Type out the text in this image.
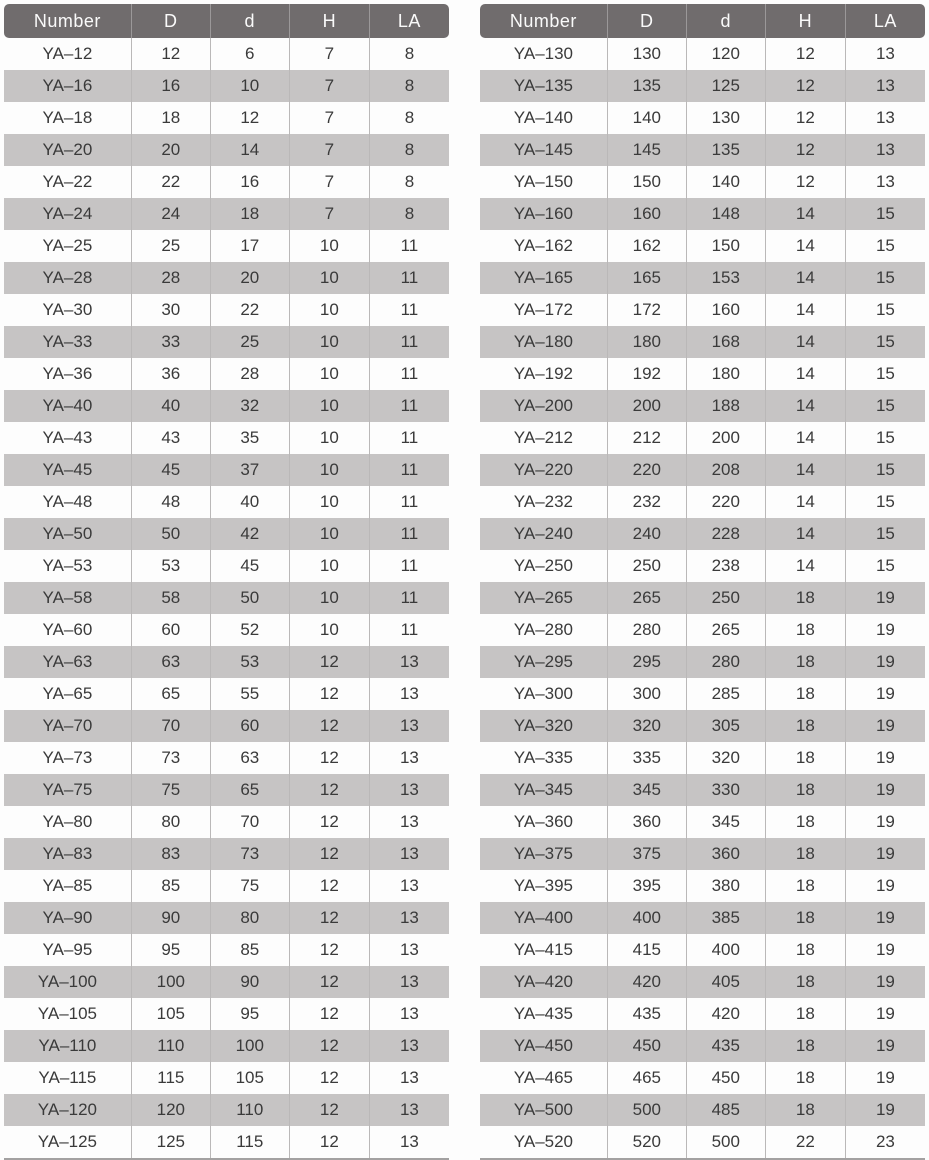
Number	D	d	H	LA
YA–12	12	6	7	8
YA–16	16	10	7	8
YA–18	18	12	7	8
YA–20	20	14	7	8
YA–22	22	16	7	8
YA–24	24	18	7	8
YA–25	25	17	10	11
YA–28	28	20	10	11
YA–30	30	22	10	11
YA–33	33	25	10	11
YA–36	36	28	10	11
YA–40	40	32	10	11
YA–43	43	35	10	11
YA–45	45	37	10	11
YA–48	48	40	10	11
YA–50	50	42	10	11
YA–53	53	45	10	11
YA–58	58	50	10	11
YA–60	60	52	10	11
YA–63	63	53	12	13
YA–65	65	55	12	13
YA–70	70	60	12	13
YA–73	73	63	12	13
YA–75	75	65	12	13
YA–80	80	70	12	13
YA–83	83	73	12	13
YA–85	85	75	12	13
YA–90	90	80	12	13
YA–95	95	85	12	13
YA–100	100	90	12	13
YA–105	105	95	12	13
YA–110	110	100	12	13
YA–115	115	105	12	13
YA–120	120	110	12	13
YA–125	125	115	12	13
Number	D	d	H	LA
YA–130	130	120	12	13
YA–135	135	125	12	13
YA–140	140	130	12	13
YA–145	145	135	12	13
YA–150	150	140	12	13
YA–160	160	148	14	15
YA–162	162	150	14	15
YA–165	165	153	14	15
YA–172	172	160	14	15
YA–180	180	168	14	15
YA–192	192	180	14	15
YA–200	200	188	14	15
YA–212	212	200	14	15
YA–220	220	208	14	15
YA–232	232	220	14	15
YA–240	240	228	14	15
YA–250	250	238	14	15
YA–265	265	250	18	19
YA–280	280	265	18	19
YA–295	295	280	18	19
YA–300	300	285	18	19
YA–320	320	305	18	19
YA–335	335	320	18	19
YA–345	345	330	18	19
YA–360	360	345	18	19
YA–375	375	360	18	19
YA–395	395	380	18	19
YA–400	400	385	18	19
YA–415	415	400	18	19
YA–420	420	405	18	19
YA–435	435	420	18	19
YA–450	450	435	18	19
YA–465	465	450	18	19
YA–500	500	485	18	19
YA–520	520	500	22	23
